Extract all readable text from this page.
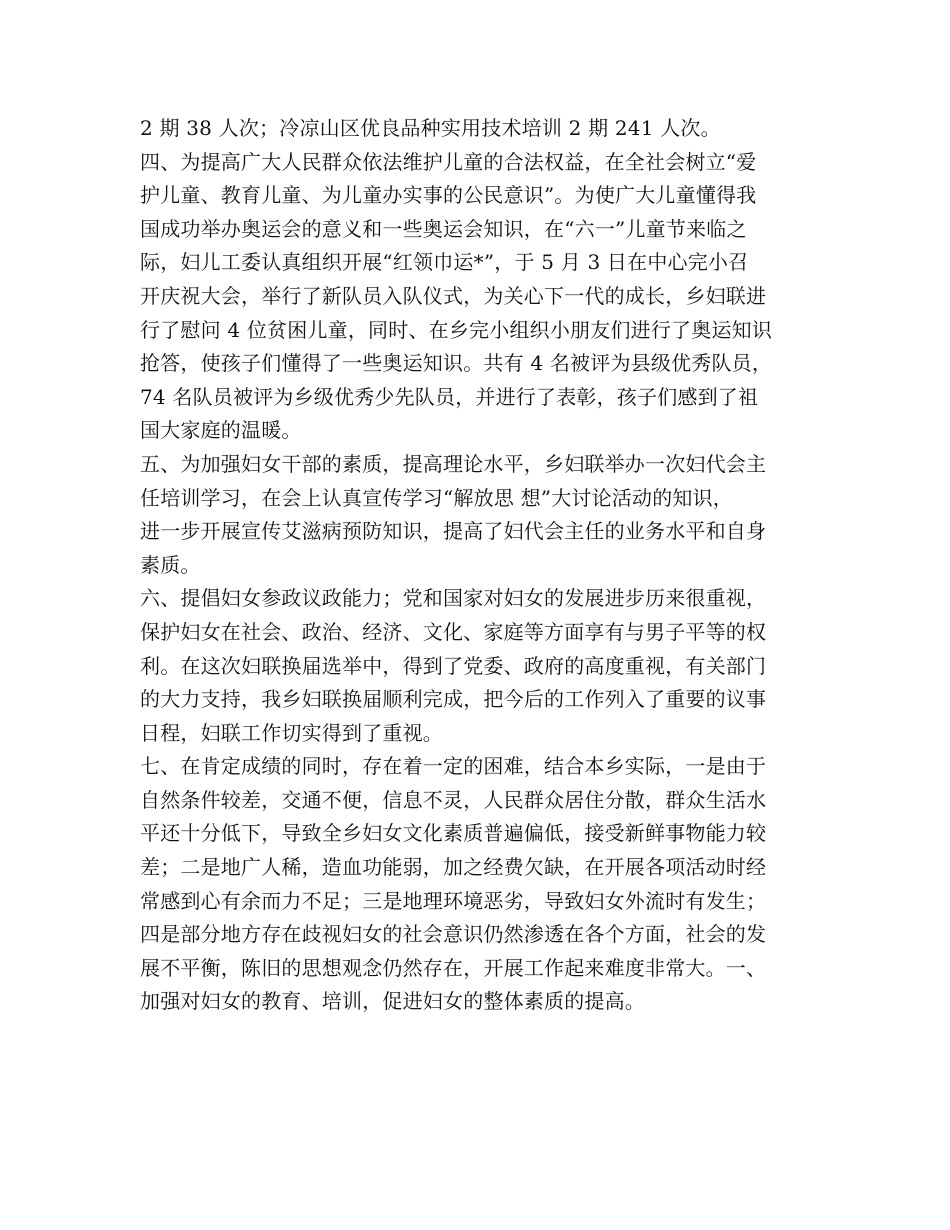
2 期 38 人次；冷凉山区优良品种实用技术培训 2 期 241 人次。
四、为提高广大人民群众依法维护儿童的合法权益，在全社会树立“爱
护儿童、教育儿童、为儿童办实事的公民意识”。为使广大儿童懂得我
国成功举办奥运会的意义和一些奥运会知识，在“六一”儿童节来临之
际，妇儿工委认真组织开展“红领巾运*”，于 5 月 3 日在中心完小召
开庆祝大会，举行了新队员入队仪式，为关心下一代的成长，乡妇联进
行了慰问 4 位贫困儿童，同时、在乡完小组织小朋友们进行了奥运知识
抢答，使孩子们懂得了一些奥运知识。共有 4 名被评为县级优秀队员，
74 名队员被评为乡级优秀少先队员，并进行了表彰，孩子们感到了祖
国大家庭的温暖。
五、为加强妇女干部的素质，提高理论水平，乡妇联举办一次妇代会主
任培训学习，在会上认真宣传学习“解放思 想”大讨论活动的知识，
进一步开展宣传艾滋病预防知识，提高了妇代会主任的业务水平和自身
素质。
六、提倡妇女参政议政能力；党和国家对妇女的发展进步历来很重视，
保护妇女在社会、政治、经济、文化、家庭等方面享有与男子平等的权
利。在这次妇联换届选举中，得到了党委、政府的高度重视，有关部门
的大力支持，我乡妇联换届顺利完成，把今后的工作列入了重要的议事
日程，妇联工作切实得到了重视。
七、在肯定成绩的同时，存在着一定的困难，结合本乡实际，一是由于
自然条件较差，交通不便，信息不灵，人民群众居住分散，群众生活水
平还十分低下，导致全乡妇女文化素质普遍偏低，接受新鲜事物能力较
差；二是地广人稀，造血功能弱，加之经费欠缺，在开展各项活动时经
常感到心有余而力不足；三是地理环境恶劣，导致妇女外流时有发生；
四是部分地方存在歧视妇女的社会意识仍然渗透在各个方面，社会的发
展不平衡，陈旧的思想观念仍然存在，开展工作起来难度非常大。一、
加强对妇女的教育、培训，促进妇女的整体素质的提高。
